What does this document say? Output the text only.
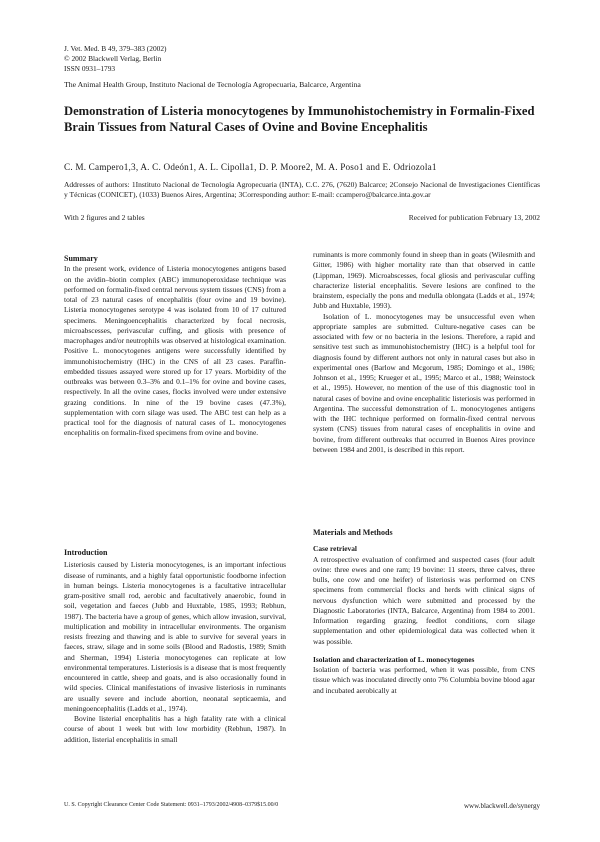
J. Vet. Med. B 49, 379–383 (2002)
© 2002 Blackwell Verlag, Berlin
ISSN 0931–1793
The Animal Health Group, Instituto Nacional de Tecnología Agropecuaria, Balcarce, Argentina
Demonstration of Listeria monocytogenes by Immunohistochemistry in Formalin-Fixed Brain Tissues from Natural Cases of Ovine and Bovine Encephalitis
C. M. Campero1,3, A. C. Odeón1, A. L. Cipolla1, D. P. Moore2, M. A. Poso1 and E. Odriozola1
Addresses of authors: 1Instituto Nacional de Tecnología Agropecuaria (INTA), C.C. 276, (7620) Balcarce; 2Consejo Nacional de Investigaciones Científicas y Técnicas (CONICET), (1033) Buenos Aires, Argentina; 3Corresponding author: E-mail: ccampero@balcarce.inta.gov.ar
With 2 figures and 2 tables	Received for publication February 13, 2002
Summary

In the present work, evidence of Listeria monocytogenes antigens based on the avidin–biotin complex (ABC) immunoperoxidase technique was performed on formalin-fixed central nervous system tissues (CNS) from a total of 23 natural cases of encephalitis (four ovine and 19 bovine). Listeria monocytogenes serotype 4 was isolated from 10 of 17 cultured specimens. Meningoencephalitis characterized by focal necrosis, microabscesses, perivascular cuffing, and gliosis with presence of macrophages and/or neutrophils was observed at histological examination. Positive L. monocytogenes antigens were successfully identified by immunohistochemistry (IHC) in the CNS of all 23 cases. Paraffin-embedded tissues assayed were stored up for 17 years. Morbidity of the outbreaks was between 0.3–3% and 0.1–1% for ovine and bovine cases, respectively. In all the ovine cases, flocks involved were under extensive grazing conditions. In nine of the 19 bovine cases (47.3%), supplementation with corn silage was used. The ABC test can help as a practical tool for the diagnosis of natural cases of L. monocytogenes encephalitis on formalin-fixed specimens from ovine and bovine.

Introduction

Listeriosis caused by Listeria monocytogenes, is an important infectious disease of ruminants, and a highly fatal opportunistic foodborne infection in human beings. Listeria monocytogenes is a facultative intracellular gram-positive small rod, aerobic and facultatively anaerobic, found in soil, vegetation and faeces (Jubb and Huxtable, 1985, 1993; Rebhun, 1987). The bacteria have a group of genes, which allow invasion, survival, multiplication and mobility in intracellular environments. The organism resists freezing and thawing and is able to survive for several years in faeces, straw, silage and in some soils (Blood and Radostis, 1989; Smith and Sherman, 1994) Listeria monocytogenes can replicate at low environmental temperatures. Listeriosis is a disease that is most frequently encountered in cattle, sheep and goats, and is also occasionally found in wild species. Clinical manifestations of invasive listeriosis in ruminants are usually severe and include abortion, neonatal septicaemia, and meningoencephalitis (Ladds et al., 1974).

Bovine listerial encephalitis has a high fatality rate with a clinical course of about 1 week but with low morbidity (Rebhun, 1987). In addition, listerial encephalitis in small

ruminants is more commonly found in sheep than in goats (Wilesmith and Gitter, 1986) with higher mortality rate than that observed in cattle (Lippman, 1969). Microabscesses, focal gliosis and perivascular cuffing characterize listerial encephalitis. Severe lesions are confined to the brainstem, especially the pons and medulla oblongata (Ladds et al., 1974; Jubb and Huxtable, 1993).

Isolation of L. monocytogenes may be unsuccessful even when appropriate samples are submitted. Culture-negative cases can be associated with few or no bacteria in the lesions. Therefore, a rapid and sensitive test such as immunohistochemistry (IHC) is a helpful tool for diagnosis found by different authors not only in natural cases but also in experimental ones (Barlow and Mcgorum, 1985; Domingo et al., 1986; Johnson et al., 1995; Krueger et al., 1995; Marco et al., 1988; Weinstock et al., 1995). However, no mention of the use of this diagnostic tool in natural cases of bovine and ovine encephalitic listeriosis was performed in Argentina. The successful demonstration of L. monocytogenes antigens with the IHC technique performed on formalin-fixed central nervous system (CNS) tissues from natural cases of encephalitis in ovine and bovine, from different outbreaks that occurred in Buenos Aires province between 1984 and 2001, is described in this report.

Materials and Methods
Case retrieval

A retrospective evaluation of confirmed and suspected cases (four adult ovine: three ewes and one ram; 19 bovine: 11 steers, three calves, three bulls, one cow and one heifer) of listeriosis was performed on CNS specimens from commercial flocks and herds with clinical signs of nervous dysfunction which were submitted and processed by the Diagnostic Laboratories (INTA, Balcarce, Argentina) from 1984 to 2001. Information regarding grazing, feedlot conditions, corn silage supplementation and other epidemiological data was collected when it was possible.

Isolation and characterization of L. monocytogenes

Isolation of bacteria was performed, when it was possible, from CNS tissue which was inoculated directly onto 7% Columbia bovine blood agar and incubated aerobically at

U. S. Copyright Clearance Center Code Statement: 0931–1793/2002/4908–0379$15.00/0	www.blackwell.de/synergy
